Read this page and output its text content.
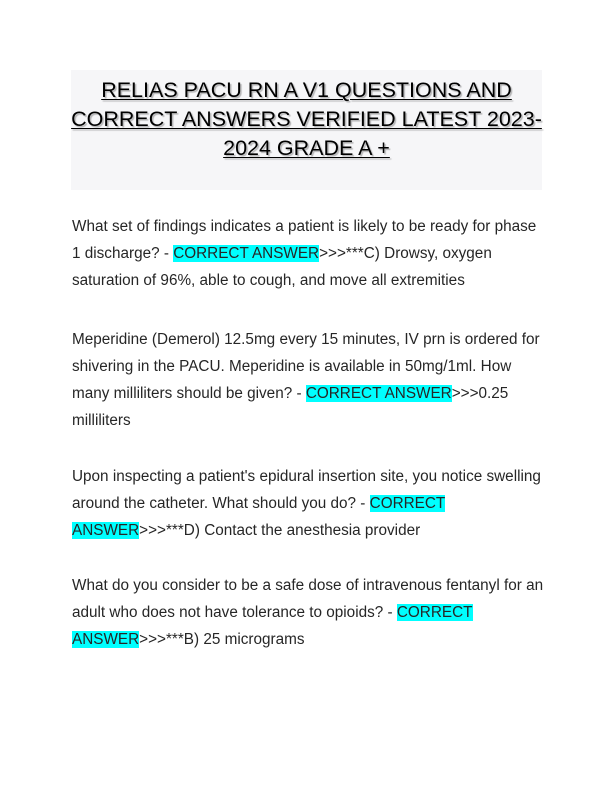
RELIAS PACU RN A V1 QUESTIONS AND CORRECT ANSWERS VERIFIED LATEST 2023-2024 GRADE A +

What set of findings indicates a patient is likely to be ready for phase 1 discharge? - CORRECT ANSWER>>>***C) Drowsy, oxygen saturation of 96%, able to cough, and move all extremities

Meperidine (Demerol) 12.5mg every 15 minutes, IV prn is ordered for shivering in the PACU. Meperidine is available in 50mg/1ml. How many milliliters should be given? - CORRECT ANSWER>>>0.25 milliliters

Upon inspecting a patient's epidural insertion site, you notice swelling around the catheter. What should you do? - CORRECT ANSWER>>>***D) Contact the anesthesia provider

What do you consider to be a safe dose of intravenous fentanyl for an adult who does not have tolerance to opioids? - CORRECT ANSWER>>>***B) 25 micrograms
